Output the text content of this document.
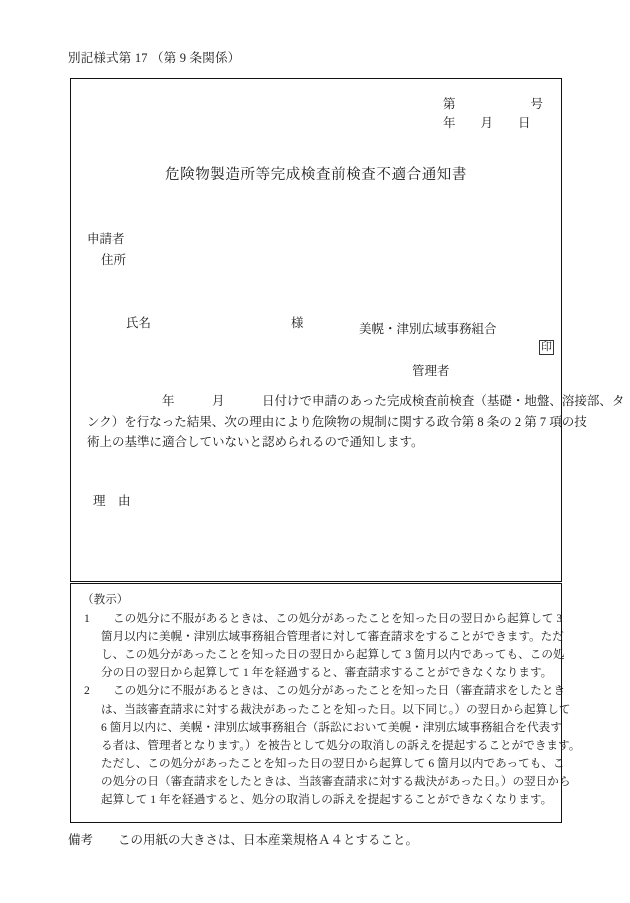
別記様式第 17 （第 9 条関係）
第　　　　　　号
年　　月　　日
危険物製造所等完成検査前検査不適合通知書
申請者
住所

氏名	様
	美幌・津別広域事務組合

管理者
印

　　　　　　年　　　月　　　日付けで申請のあった完成検査前検査（基礎・地盤、溶接部、タ
ンク）を行なった結果、次の理由により危険物の規制に関する政令第 8 条の 2 第 7 項の技
術上の基準に適合していないと認められるので通知します。
理　由
（教示）
1	この処分に不服があるときは、この処分があったことを知った日の翌日から起算して 3
箇月以内に美幌・津別広域事務組合管理者に対して審査請求をすることができます。ただ
し、この処分があったことを知った日の翌日から起算して 3 箇月以内であっても、この処
分の日の翌日から起算して 1 年を経過すると、審査請求することができなくなります。
2	この処分に不服があるときは、この処分があったことを知った日（審査請求をしたとき
は、当該審査請求に対する裁決があったことを知った日。以下同じ。）の翌日から起算して
6 箇月以内に、美幌・津別広域事務組合（訴訟において美幌・津別広域事務組合を代表す
る者は、管理者となります。）を被告として処分の取消しの訴えを提起することができます。
ただし、この処分があったことを知った日の翌日から起算して 6 箇月以内であっても、こ
の処分の日（審査請求をしたときは、当該審査請求に対する裁決があった日。）の翌日から
起算して 1 年を経過すると、処分の取消しの訴えを提起することができなくなります。
備考　　この用紙の大きさは、日本産業規格Ａ４とすること。
